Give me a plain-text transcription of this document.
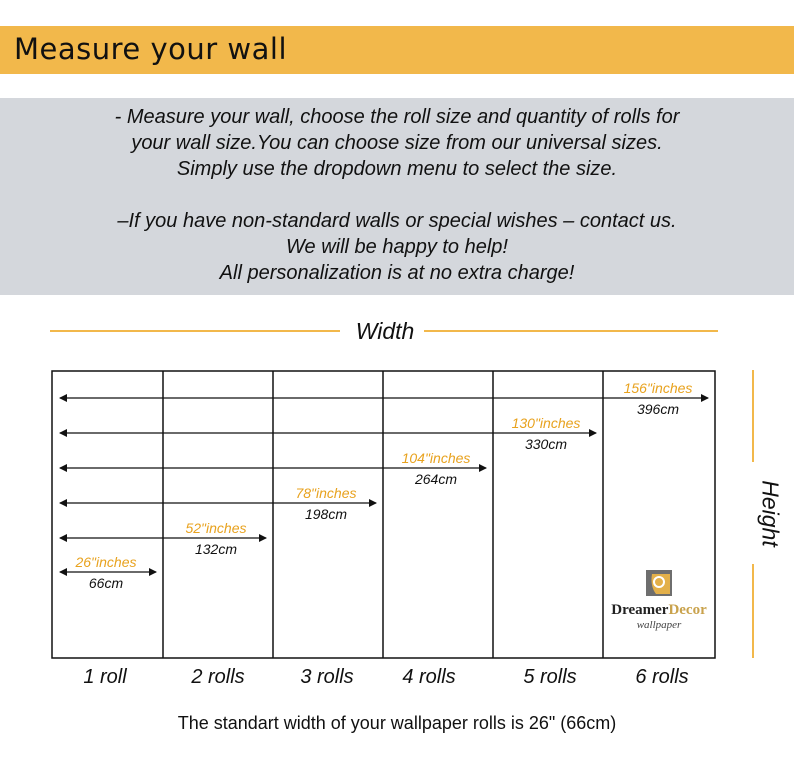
Measure your wall
- Measure your wall, choose the roll size and quantity of rolls for
your wall size.You can choose size from our universal sizes.
Simply use the dropdown menu to select the size.
–If you have non-standard walls or special wishes – contact us.
We will be happy to help!
All personalization is at no extra charge!
Width
Height
26"inches
66cm
52"inches
132cm
78"inches
198cm
104"inches
264cm
130"inches
330cm
156"inches
396cm
1 roll	2 rolls	3 rolls	4 rolls	5 rolls	6 rolls
DreamerDecor
wallpaper
The standart width of your wallpaper rolls is 26" (66cm)
